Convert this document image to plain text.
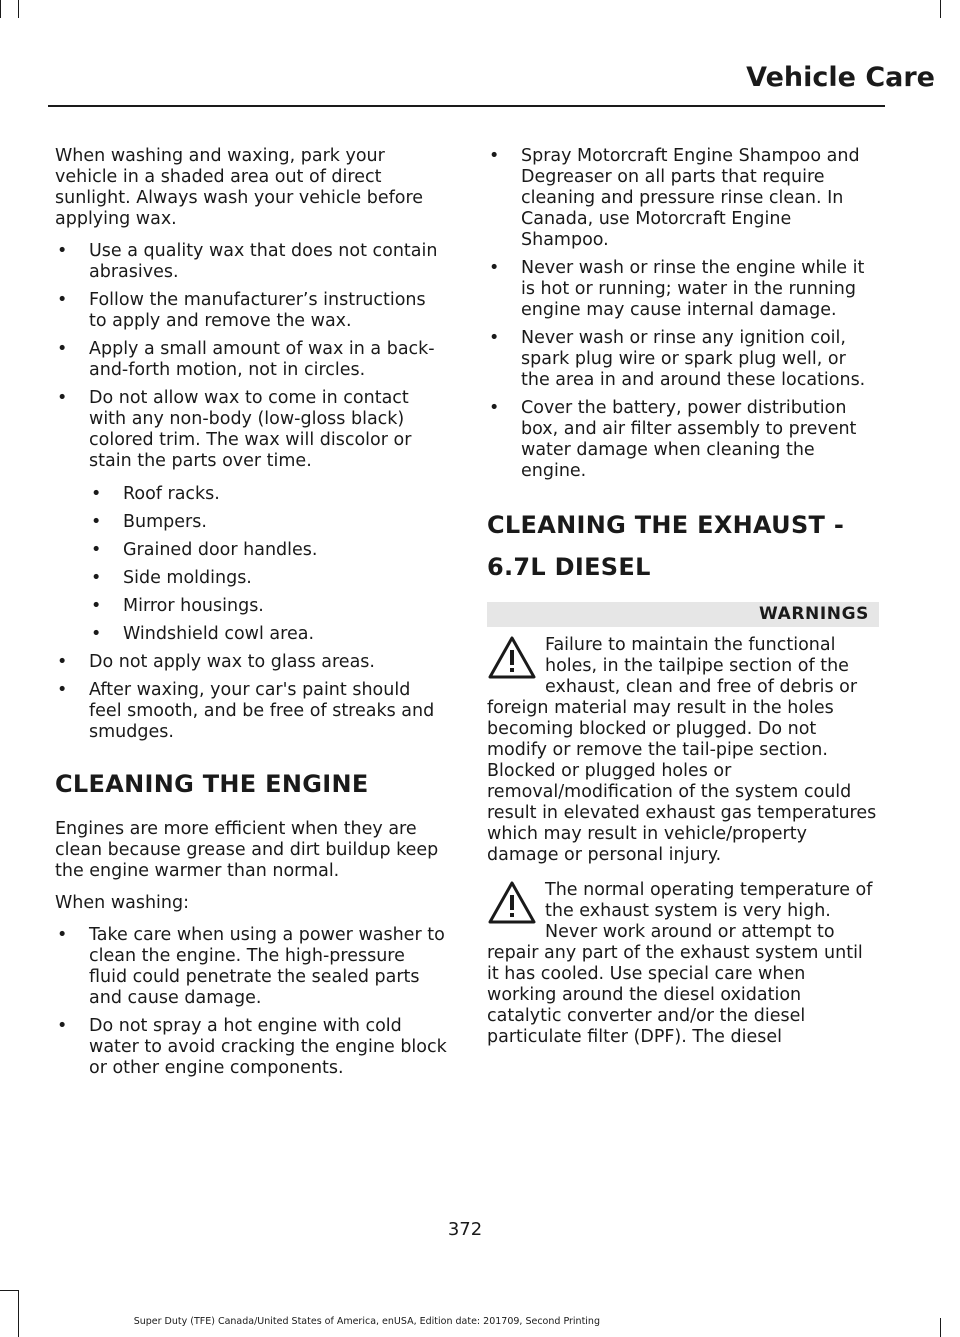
Vehicle Care

When washing and waxing, park your vehicle in a shaded area out of direct sunlight. Always wash your vehicle before applying wax.

• Use a quality wax that does not contain abrasives.
• Follow the manufacturer’s instructions to apply and remove the wax.
• Apply a small amount of wax in a back-and-forth motion, not in circles.
• Do not allow wax to come in contact with any non-body (low-gloss black) colored trim. The wax will discolor or stain the parts over time.
• Roof racks.
• Bumpers.
• Grained door handles.
• Side moldings.
• Mirror housings.
• Windshield cowl area.
• Do not apply wax to glass areas.
• After waxing, your car's paint should feel smooth, and be free of streaks and smudges.
CLEANING THE ENGINE

Engines are more efficient when they are clean because grease and dirt buildup keep the engine warmer than normal.

When washing:

• Take care when using a power washer to clean the engine. The high-pressure fluid could penetrate the sealed parts and cause damage.
• Do not spray a hot engine with cold water to avoid cracking the engine block or other engine components.
• Spray Motorcraft Engine Shampoo and Degreaser on all parts that require cleaning and pressure rinse clean. In Canada, use Motorcraft Engine Shampoo.
• Never wash or rinse the engine while it is hot or running; water in the running engine may cause internal damage.
• Never wash or rinse any ignition coil, spark plug wire or spark plug well, or the area in and around these locations.
• Cover the battery, power distribution box, and air filter assembly to prevent water damage when cleaning the engine.
CLEANING THE EXHAUST -
6.7L DIESEL
WARNINGS
Failure to maintain the functional holes, in the tailpipe section of the exhaust, clean and free of debris or foreign material may result in the holes becoming blocked or plugged. Do not modify or remove the tail-pipe section. Blocked or plugged holes or removal/modification of the system could result in elevated exhaust gas temperatures which may result in vehicle/property damage or personal injury.
The normal operating temperature of the exhaust system is very high. Never work around or attempt to repair any part of the exhaust system until it has cooled. Use special care when working around the diesel oxidation catalytic converter and/or the diesel particulate filter (DPF). The diesel
372
Super Duty (TFE) Canada/United States of America, enUSA, Edition date: 201709, Second Printing
